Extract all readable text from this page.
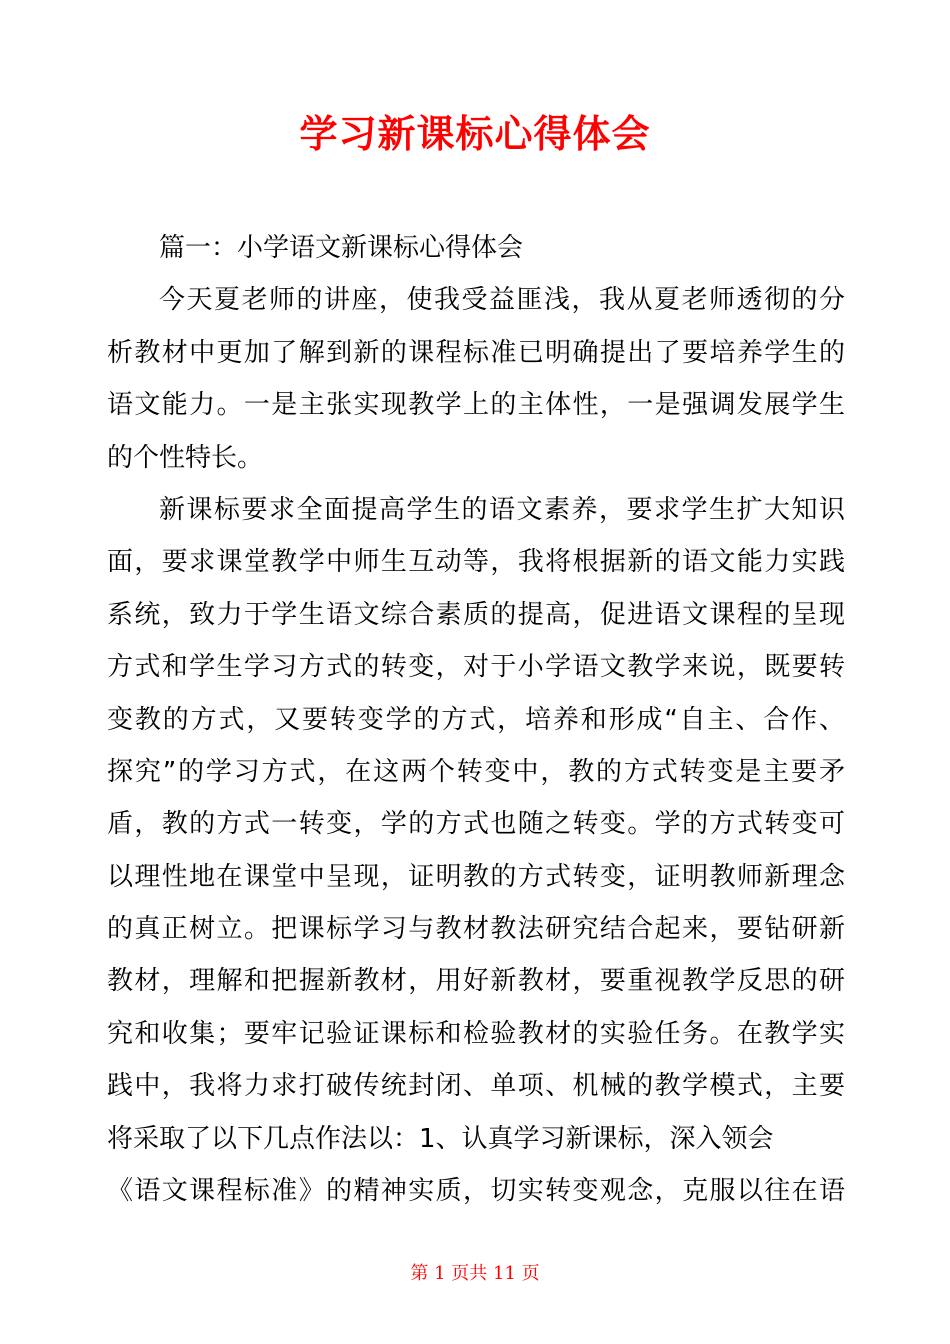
学习新课标心得体会
篇一：小学语文新课标心得体会
今天夏老师的讲座，使我受益匪浅，我从夏老师透彻的分
析教材中更加了解到新的课程标准已明确提出了要培养学生的
语文能力。一是主张实现教学上的主体性，一是强调发展学生
的个性特长。
新课标要求全面提高学生的语文素养，要求学生扩大知识
面，要求课堂教学中师生互动等，我将根据新的语文能力实践
系统，致力于学生语文综合素质的提高，促进语文课程的呈现
方式和学生学习方式的转变，对于小学语文教学来说，既要转
变教的方式，又要转变学的方式，培养和形成“自主、合作、
探究”的学习方式，在这两个转变中，教的方式转变是主要矛
盾，教的方式一转变，学的方式也随之转变。学的方式转变可
以理性地在课堂中呈现，证明教的方式转变，证明教师新理念
的真正树立。把课标学习与教材教法研究结合起来，要钻研新
教材，理解和把握新教材，用好新教材，要重视教学反思的研
究和收集；要牢记验证课标和检验教材的实验任务。在教学实
践中，我将力求打破传统封闭、单项、机械的教学模式，主要
将采取了以下几点作法以：1、认真学习新课标，深入领会
《语文课程标准》的精神实质，切实转变观念，克服以往在语
第 1 页共 11 页
